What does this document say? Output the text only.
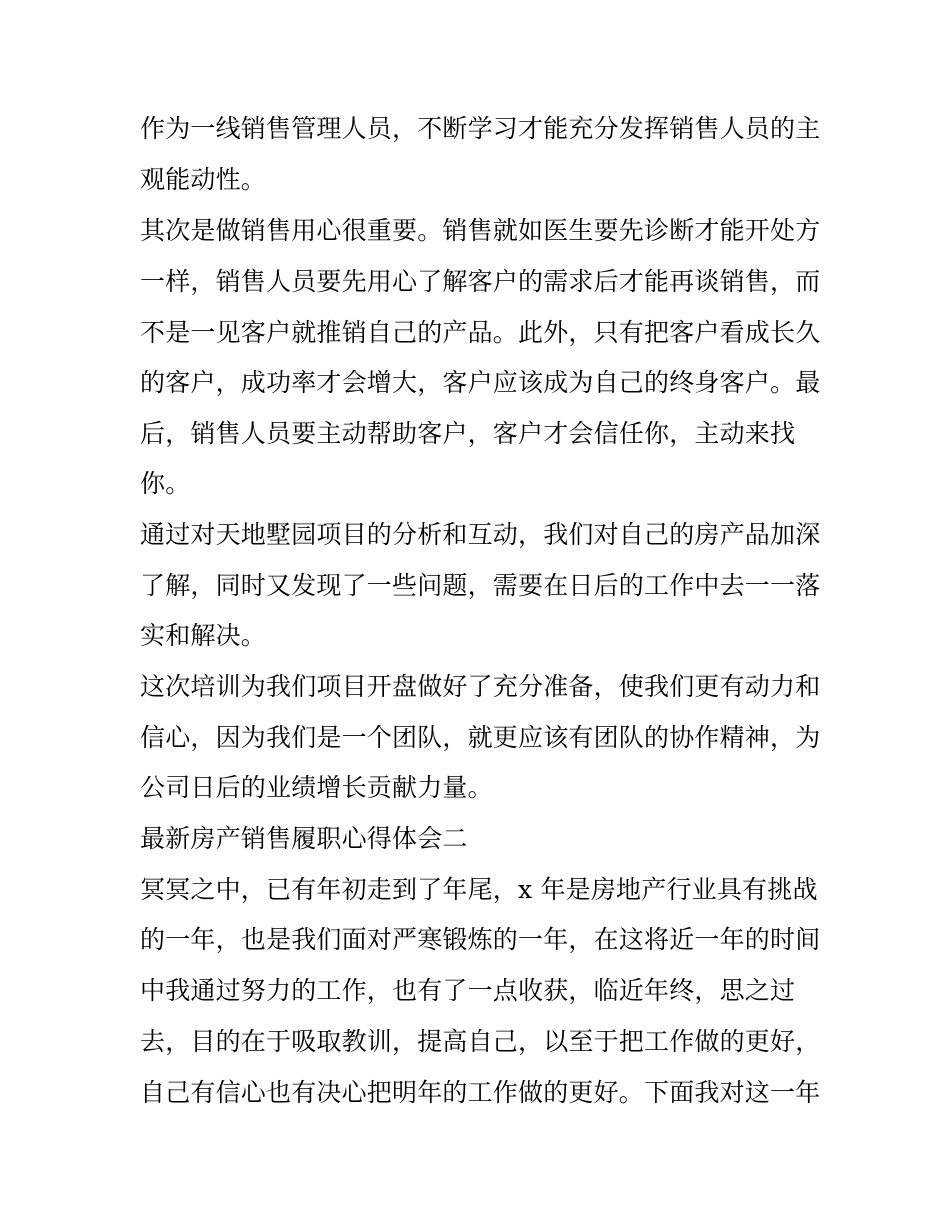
作为一线销售管理人员，不断学习才能充分发挥销售人员的主
观能动性。
其次是做销售用心很重要。销售就如医生要先诊断才能开处方
一样，销售人员要先用心了解客户的需求后才能再谈销售，而
不是一见客户就推销自己的产品。此外，只有把客户看成长久
的客户，成功率才会增大，客户应该成为自己的终身客户。最
后，销售人员要主动帮助客户，客户才会信任你，主动来找
你。
通过对天地墅园项目的分析和互动，我们对自己的房产品加深
了解，同时又发现了一些问题，需要在日后的工作中去一一落
实和解决。
这次培训为我们项目开盘做好了充分准备，使我们更有动力和
信心，因为我们是一个团队，就更应该有团队的协作精神，为
公司日后的业绩增长贡献力量。
最新房产销售履职心得体会二
冥冥之中，已有年初走到了年尾，x 年是房地产行业具有挑战
的一年，也是我们面对严寒锻炼的一年，在这将近一年的时间
中我通过努力的工作，也有了一点收获，临近年终，思之过
去，目的在于吸取教训，提高自己，以至于把工作做的更好，
自己有信心也有决心把明年的工作做的更好。下面我对这一年
